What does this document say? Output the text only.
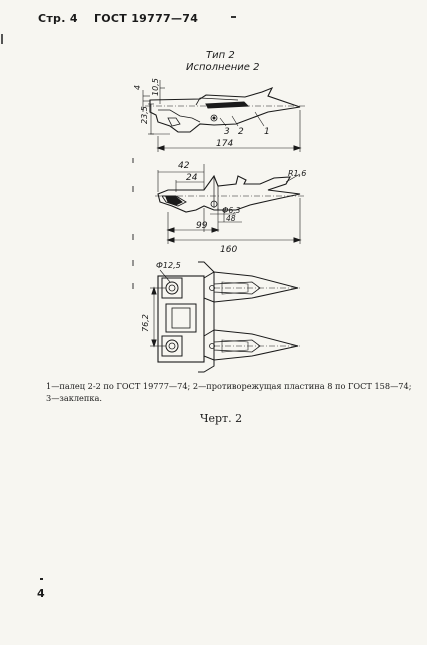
Стр. 4 ГОСТ 19777—74
Тип 2
Исполнение 2
4 10,5
23,5
3 2 1
174
42
24	R1,6
Ф6,3
48
99
160
Ф12,5
76,2
1—палец 2-2 по ГОСТ 19777—74; 2—противорежущая пластина 8 по ГОСТ 158—74;
3—заклепка.
Черт. 2
4
